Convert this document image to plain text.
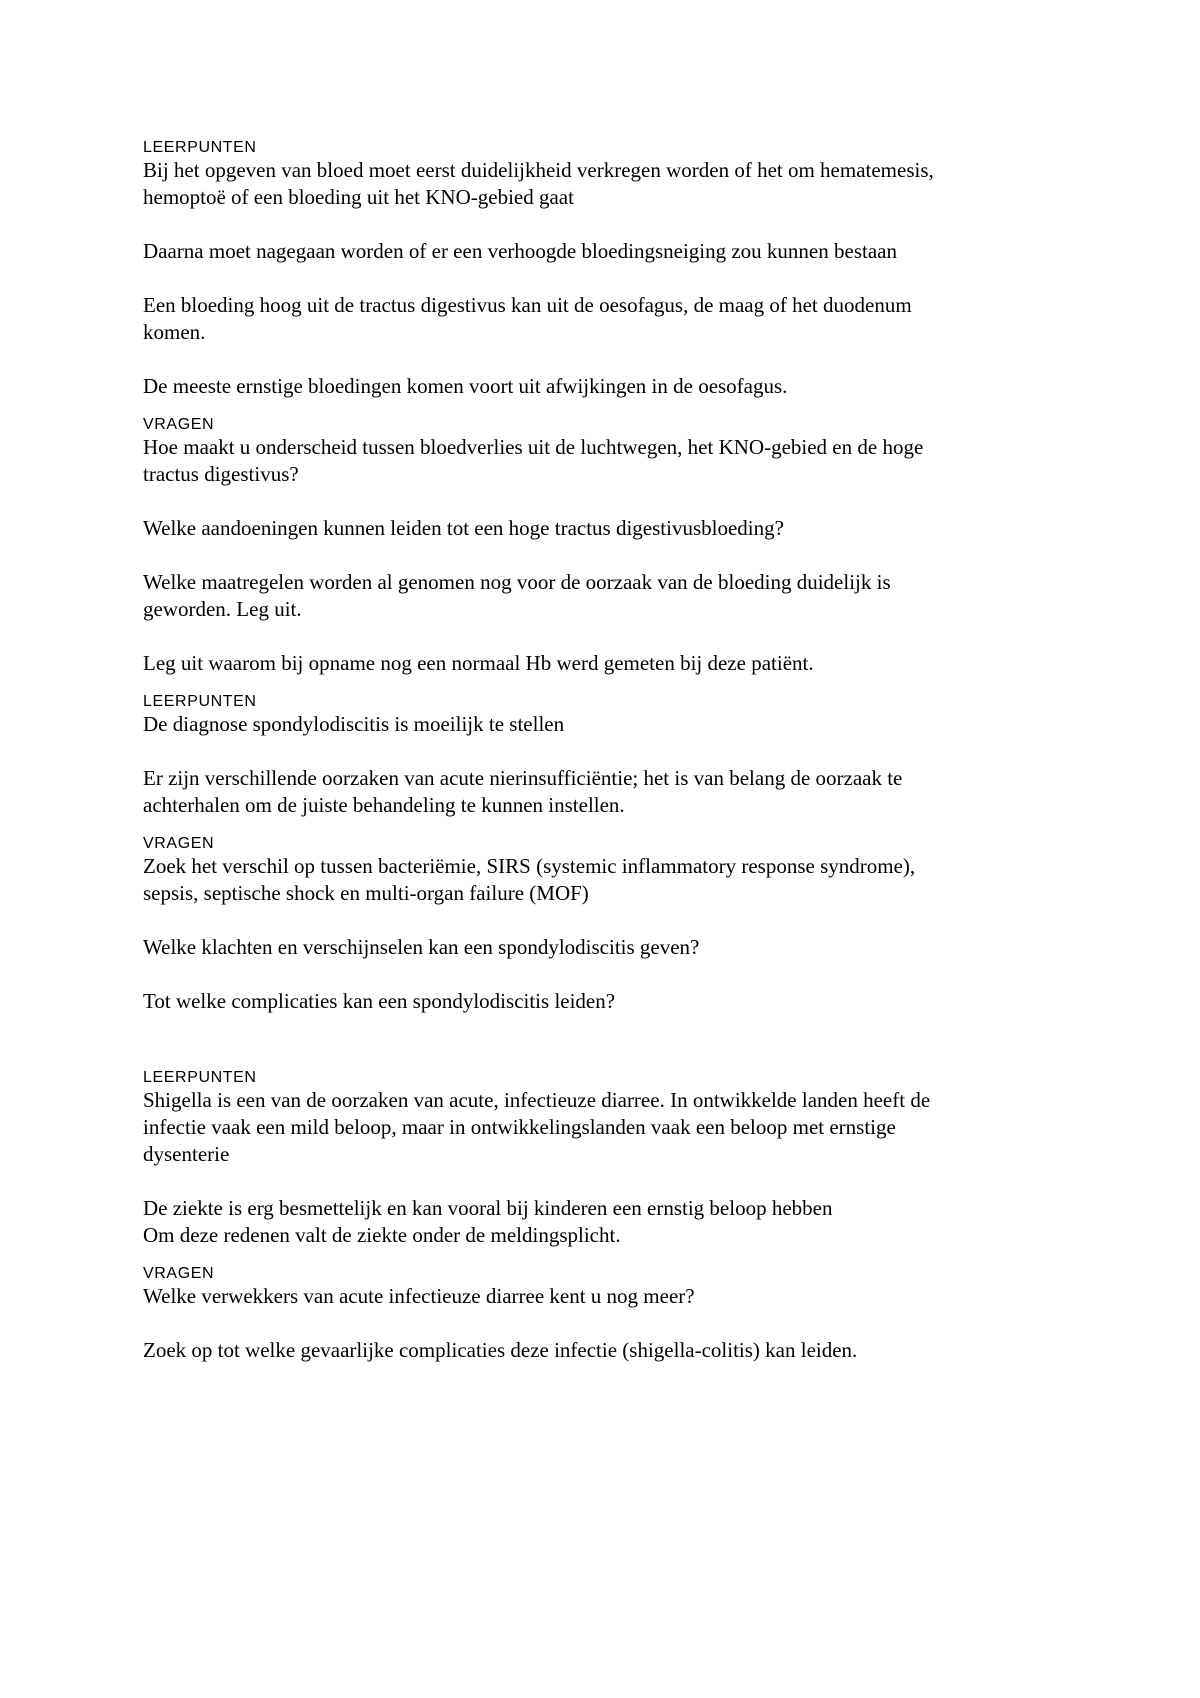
LEERPUNTEN

Bij het opgeven van bloed moet eerst duidelijkheid verkregen worden of het om hematemesis,
hemoptoë of een bloeding uit het KNO-gebied gaat

Daarna moet nagegaan worden of er een verhoogde bloedingsneiging zou kunnen bestaan

Een bloeding hoog uit de tractus digestivus kan uit de oesofagus, de maag of het duodenum
komen.

De meeste ernstige bloedingen komen voort uit afwijkingen in de oesofagus.

VRAGEN

Hoe maakt u onderscheid tussen bloedverlies uit de luchtwegen, het KNO-gebied en de hoge
tractus digestivus?

Welke aandoeningen kunnen leiden tot een hoge tractus digestivusbloeding?

Welke maatregelen worden al genomen nog voor de oorzaak van de bloeding duidelijk is
geworden. Leg uit.

Leg uit waarom bij opname nog een normaal Hb werd gemeten bij deze patiënt.

LEERPUNTEN

De diagnose spondylodiscitis is moeilijk te stellen

Er zijn verschillende oorzaken van acute nierinsufficiëntie; het is van belang de oorzaak te
achterhalen om de juiste behandeling te kunnen instellen.

VRAGEN

Zoek het verschil op tussen bacteriëmie, SIRS (systemic inflammatory response syndrome),
sepsis, septische shock en multi-organ failure (MOF)

Welke klachten en verschijnselen kan een spondylodiscitis geven?

Tot welke complicaties kan een spondylodiscitis leiden?

LEERPUNTEN

Shigella is een van de oorzaken van acute, infectieuze diarree. In ontwikkelde landen heeft de
infectie vaak een mild beloop, maar in ontwikkelingslanden vaak een beloop met ernstige
dysenterie

De ziekte is erg besmettelijk en kan vooral bij kinderen een ernstig beloop hebben
Om deze redenen valt de ziekte onder de meldingsplicht.

VRAGEN

Welke verwekkers van acute infectieuze diarree kent u nog meer?

Zoek op tot welke gevaarlijke complicaties deze infectie (shigella-colitis) kan leiden.
